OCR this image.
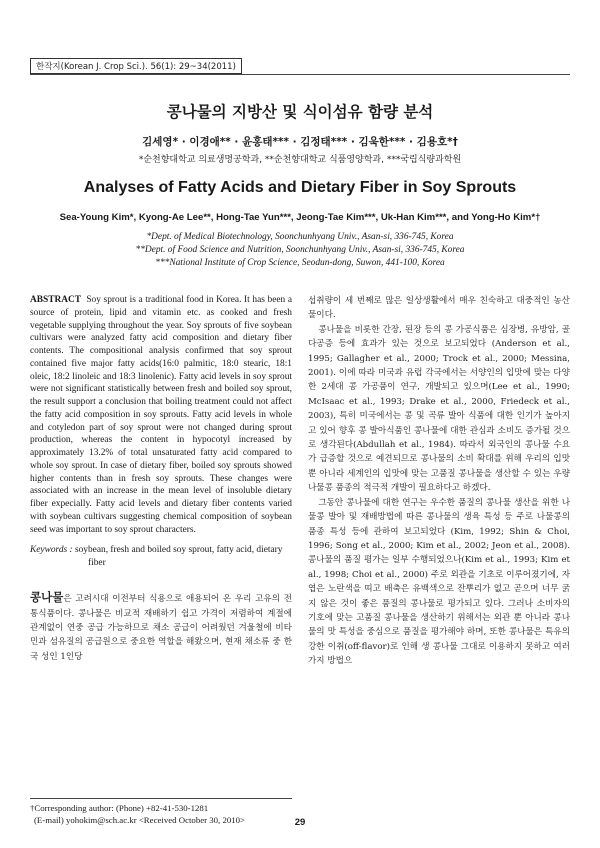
한작지(Korean J. Crop Sci.). 56(1): 29~34(2011)
콩나물의 지방산 및 식이섬유 함량 분석
김세영* · 이경애** · 윤홍태*** · 김정태*** · 김욱한*** · 김용호*†
*순천향대학교 의료생명공학과, **순천향대학교 식품영양학과, ***국립식량과학원
Analyses of Fatty Acids and Dietary Fiber in Soy Sprouts
Sea-Young Kim*, Kyong-Ae Lee**, Hong-Tae Yun***, Jeong-Tae Kim***, Uk-Han Kim***, and Yong-Ho Kim*†
*Dept. of Medical Biotechnology, Soonchunhyang Univ., Asan-si, 336-745, Korea
**Dept. of Food Science and Nutrition, Soonchunhyang Univ., Asan-si, 336-745, Korea
***National Institute of Crop Science, Seodun-dong, Suwon, 441-100, Korea

ABSTRACT Soy sprout is a traditional food in Korea. It has been a source of protein, lipid and vitamin etc. as cooked and fresh vegetable supplying throughout the year. Soy sprouts of five soybean cultivars were analyzed fatty acid composition and dietary fiber contents. The compositional analysis confirmed that soy sprout contained five major fatty acids(16:0 palmitic, 18:0 stearic, 18:1 oleic, 18:2 linoleic and 18:3 linolenic). Fatty acid levels in soy sprout were not significant statistically between fresh and boiled soy sprout, the result support a conclusion that boiling treatment could not affect the fatty acid composition in soy sprouts. Fatty acid levels in whole and cotyledon part of soy sprout were not changed during sprout production, whereas the content in hypocotyl increased by approximately 13.2% of total unsaturated fatty acid compared to whole soy sprout. In case of dietary fiber, boiled soy sprouts showed higher contents than in fresh soy sprouts. These changes were associated with an increase in the mean level of insoluble dietary fiber expecially. Fatty acid levels and dietary fiber contents varied with soybean cultivars suggesting chemical composition of soybean seed was important to soy sprout characters.

Keywords : soybean, fresh and boiled soy sprout, fatty acid, dietary fiber

콩나물은 고려시대 이전부터 식용으로 애용되어 온 우리 고유의 전통식품이다. 콩나물은 비교적 재배하기 쉽고 가격이 저렴하여 계절에 관계없이 연중 공급 가능하므로 채소 공급이 어려웠던 겨울철에 비타민과 섬유질의 공급원으로 중요한 역할을 해왔으며, 현재 채소류 중 한국 성인 1인당

섭취량이 세 번째로 많은 일상생활에서 매우 친숙하고 대중적인 농산물이다.

콩나물을 비롯한 간장, 된장 등의 콩 가공식품은 심장병, 유방암, 골다공증 등에 효과가 있는 것으로 보고되었다 (Anderson et al., 1995; Gallagher et al., 2000; Trock et al., 2000; Messina, 2001). 이에 따라 미국과 유럽 각국에서는 서양인의 입맛에 맞는 다양한 2세대 콩 가공품이 연구, 개발되고 있으며(Lee et al., 1990; McIsaac et al., 1993; Drake et al., 2000, Friedeck et al., 2003), 특히 미국에서는 콩 및 곡류 발아 식품에 대한 인기가 높아지고 있어 향후 콩 발아식품인 콩나물에 대한 관심과 소비도 증가될 것으로 생각된다(Abdullah et al., 1984). 따라서 외국인의 콩나물 수요가 급증할 것으로 예견되므로 콩나물의 소비 확대를 위해 우리의 입맛 뿐 아니라 세계인의 입맛에 맞는 고품질 콩나물을 생산할 수 있는 우량 나물콩 품종의 적극적 개발이 필요하다고 하겠다.

그동안 콩나물에 대한 연구는 우수한 품질의 콩나물 생산을 위한 나물콩 발아 및 재배방법에 따른 콩나물의 생육 특성 등 주로 나물콩의 품종 특성 등에 관하여 보고되었다 (Kim, 1992; Shin & Choi, 1996; Song et al., 2000; Kim et al., 2002; Jeon et al., 2008). 콩나물의 품질 평가는 일부 수행되었으나(Kim et al., 1993; Kim et al., 1998; Choi et al., 2000) 주로 외관을 기초로 이루어졌기에, 자엽은 노란색을 띠고 배축은 유백색으로 잔뿌리가 없고 곧으며 너무 굵지 않은 것이 좋은 품질의 콩나물로 평가되고 있다. 그러나 소비자의 기호에 맞는 고품질 콩나물을 생산하기 위해서는 외관 뿐 아니라 콩나물의 맛 특성을 중심으로 품질을 평가해야 하며, 또한 콩나물은 특유의 강한 이취(off-flavor)로 인해 생 콩나물 그대로 이용하지 못하고 여러 가지 방법으

†Corresponding author: (Phone) +82-41-530-1281
(E-mail) yohokim@sch.ac.kr <Received October 30, 2010>	29
